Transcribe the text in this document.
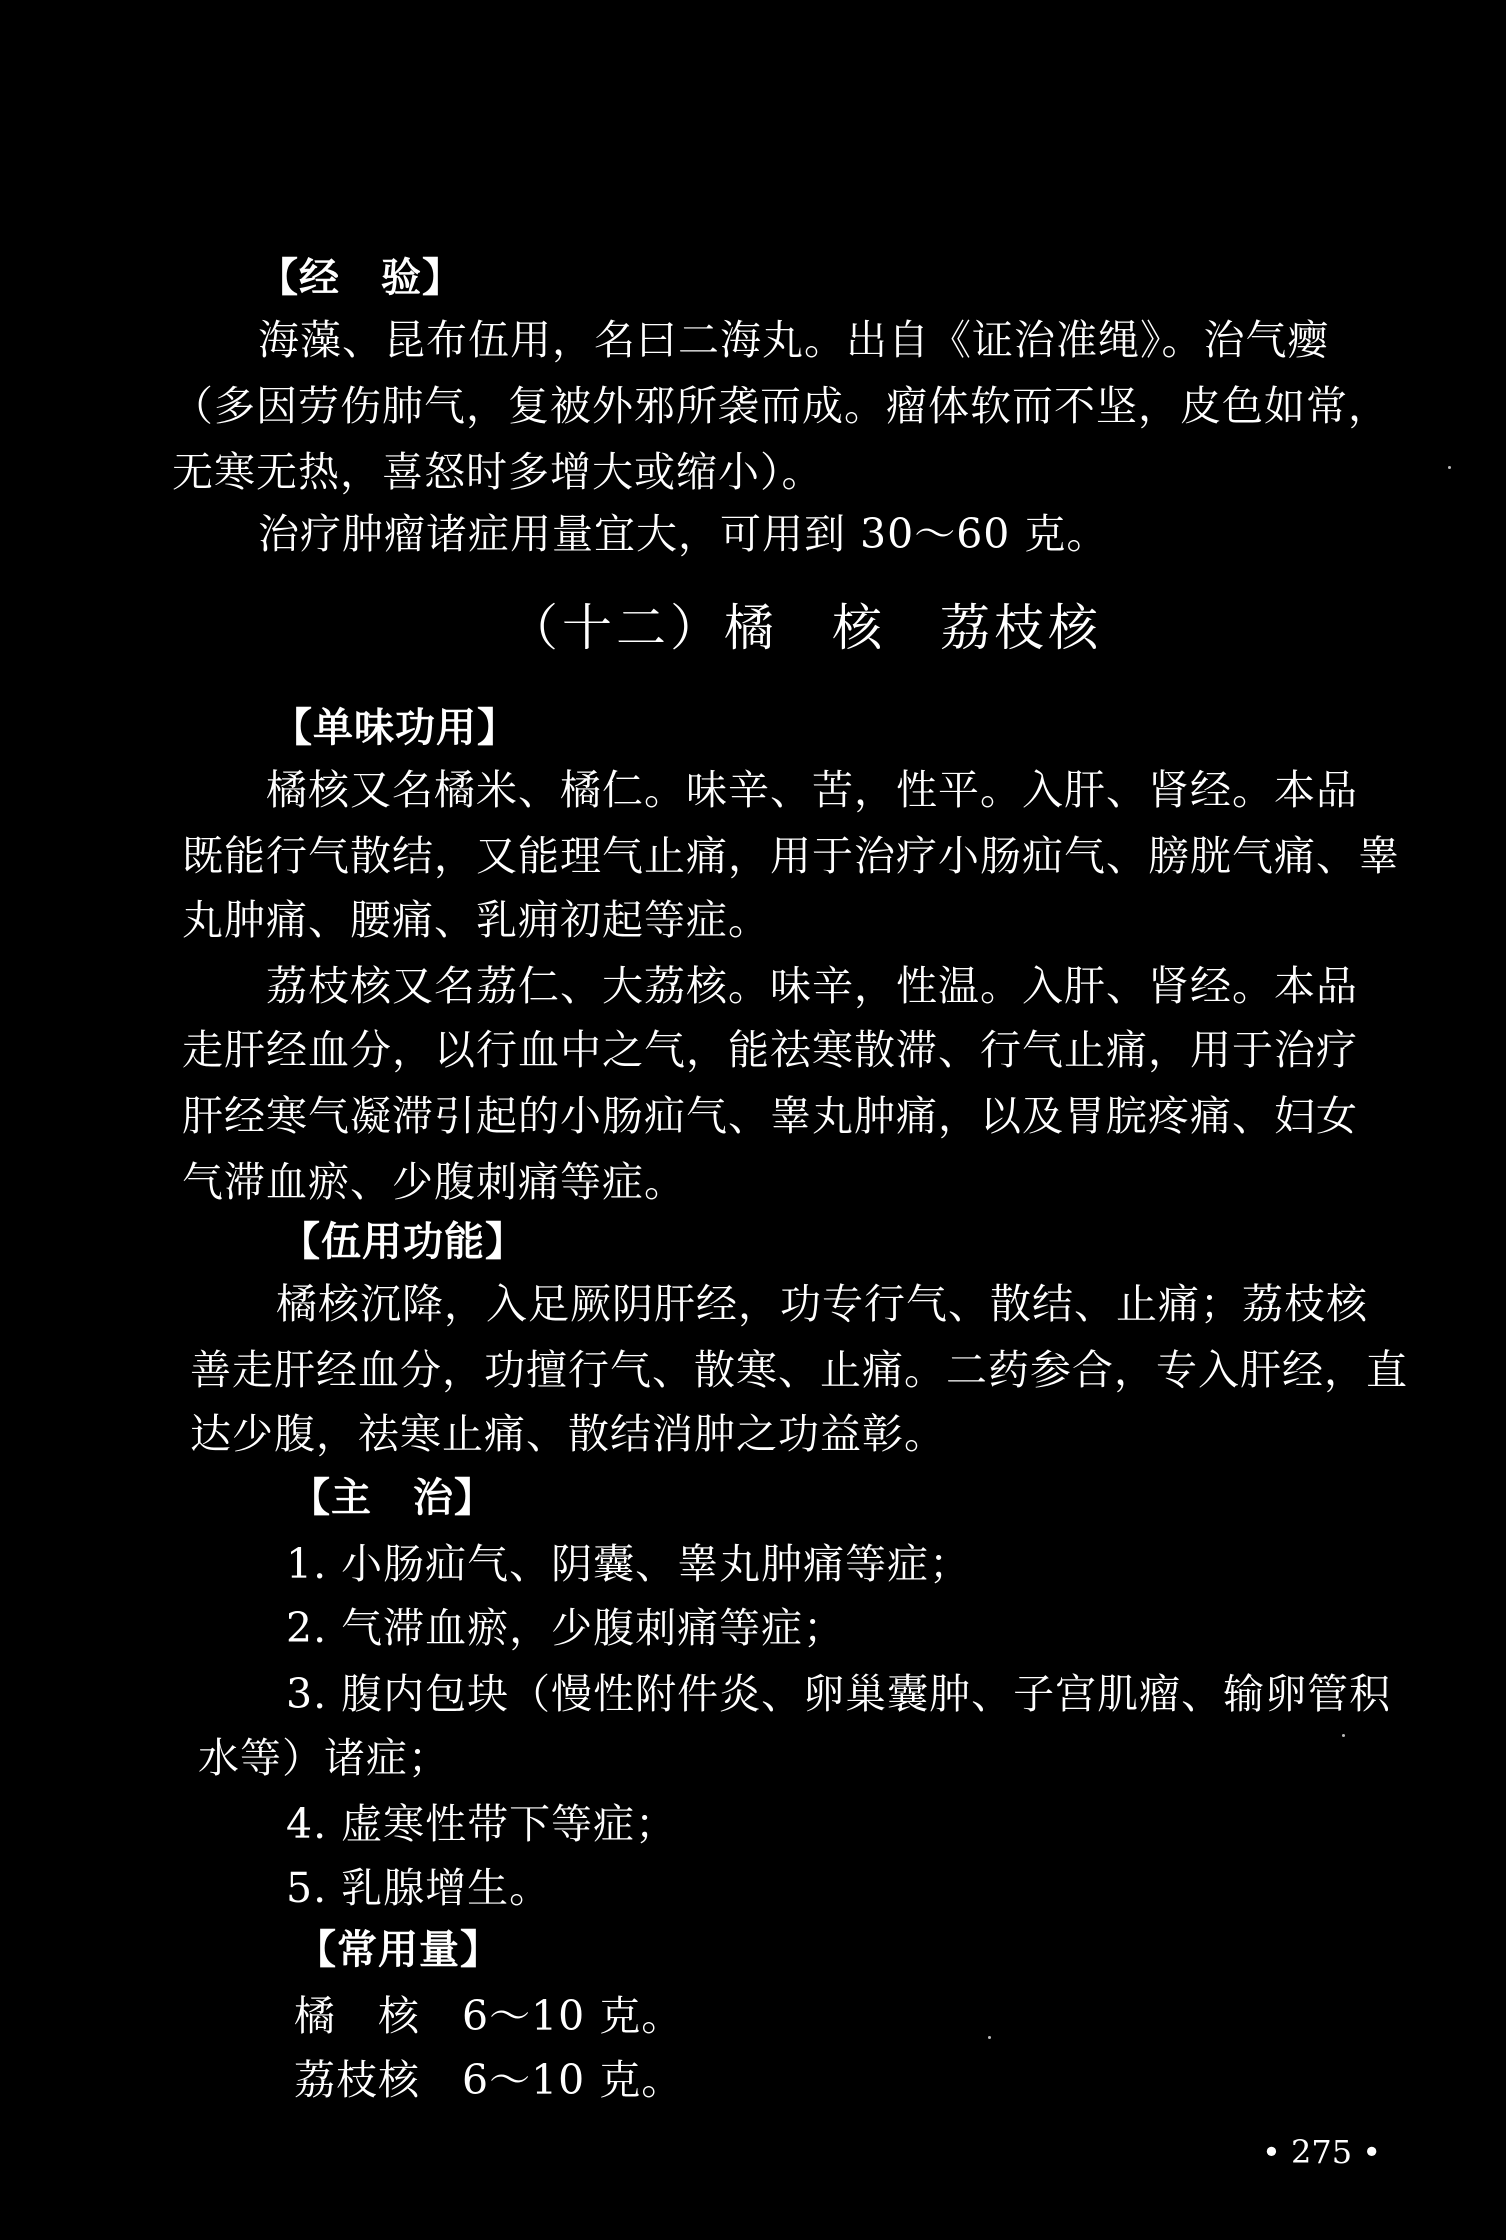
【经　验】
海藻、昆布伍用，名曰二海丸。出自《证治准绳》。治气瘿
（多因劳伤肺气，复被外邪所袭而成。瘤体软而不坚，皮色如常，
无寒无热，喜怒时多增大或缩小）。
治疗肿瘤诸症用量宜大，可用到 30～60 克。
（十二）橘　核　荔枝核
【单味功用】
橘核又名橘米、橘仁。味辛、苦，性平。入肝、肾经。本品
既能行气散结，又能理气止痛，用于治疗小肠疝气、膀胱气痛、睾
丸肿痛、腰痛、乳痈初起等症。
荔枝核又名荔仁、大荔核。味辛，性温。入肝、肾经。本品
走肝经血分，以行血中之气，能祛寒散滞、行气止痛，用于治疗
肝经寒气凝滞引起的小肠疝气、睾丸肿痛，以及胃脘疼痛、妇女
气滞血瘀、少腹刺痛等症。
【伍用功能】
橘核沉降，入足厥阴肝经，功专行气、散结、止痛；荔枝核
善走肝经血分，功擅行气、散寒、止痛。二药参合，专入肝经，直
达少腹，祛寒止痛、散结消肿之功益彰。
【主　治】
1. 小肠疝气、阴囊、睾丸肿痛等症；
2. 气滞血瘀，少腹刺痛等症；
3. 腹内包块（慢性附件炎、卵巢囊肿、子宫肌瘤、输卵管积
水等）诸症；
4. 虚寒性带下等症；
5. 乳腺增生。
【常用量】
橘　核　6～10 克。
荔枝核　6～10 克。
• 275 •
